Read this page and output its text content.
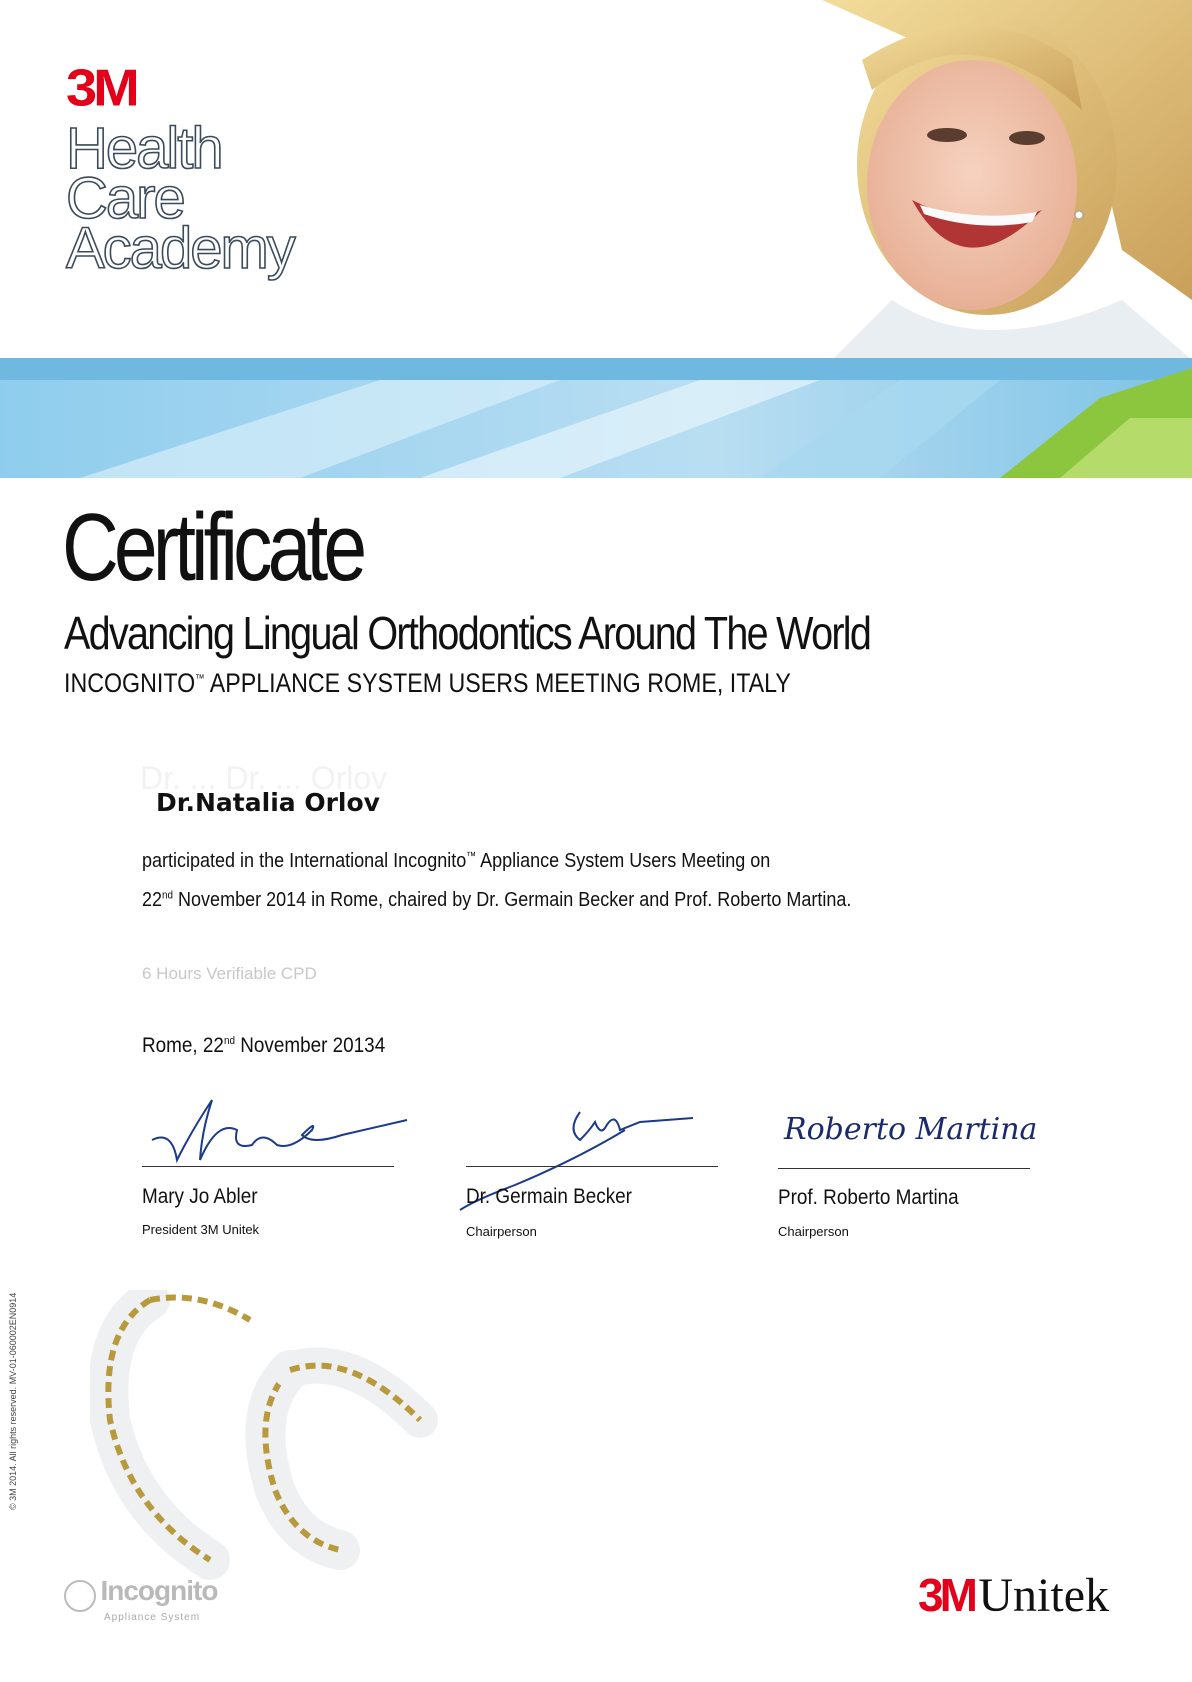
3M
Health
Care
Academy
Certificate
Advancing Lingual Orthodontics Around The World
INCOGNITO™ APPLIANCE SYSTEM USERS MEETING ROME, ITALY
Dr. ... Dr. ... Orlov
Dr.Natalia Orlov
participated in the International Incognito™ Appliance System Users Meeting on
22nd November 2014 in Rome, chaired by Dr. Germain Becker and Prof. Roberto Martina.
6 Hours Verifiable CPD
Rome, 22nd November 20134
Mary Jo Abler
President 3M Unitek
Dr. Germain Becker
Chairperson
Roberto Martina
Prof. Roberto Martina
Chairperson
© 3M 2014. All rights reserved. MV-01-060002EN0914
Incognito
Appliance System	3M Unitek
